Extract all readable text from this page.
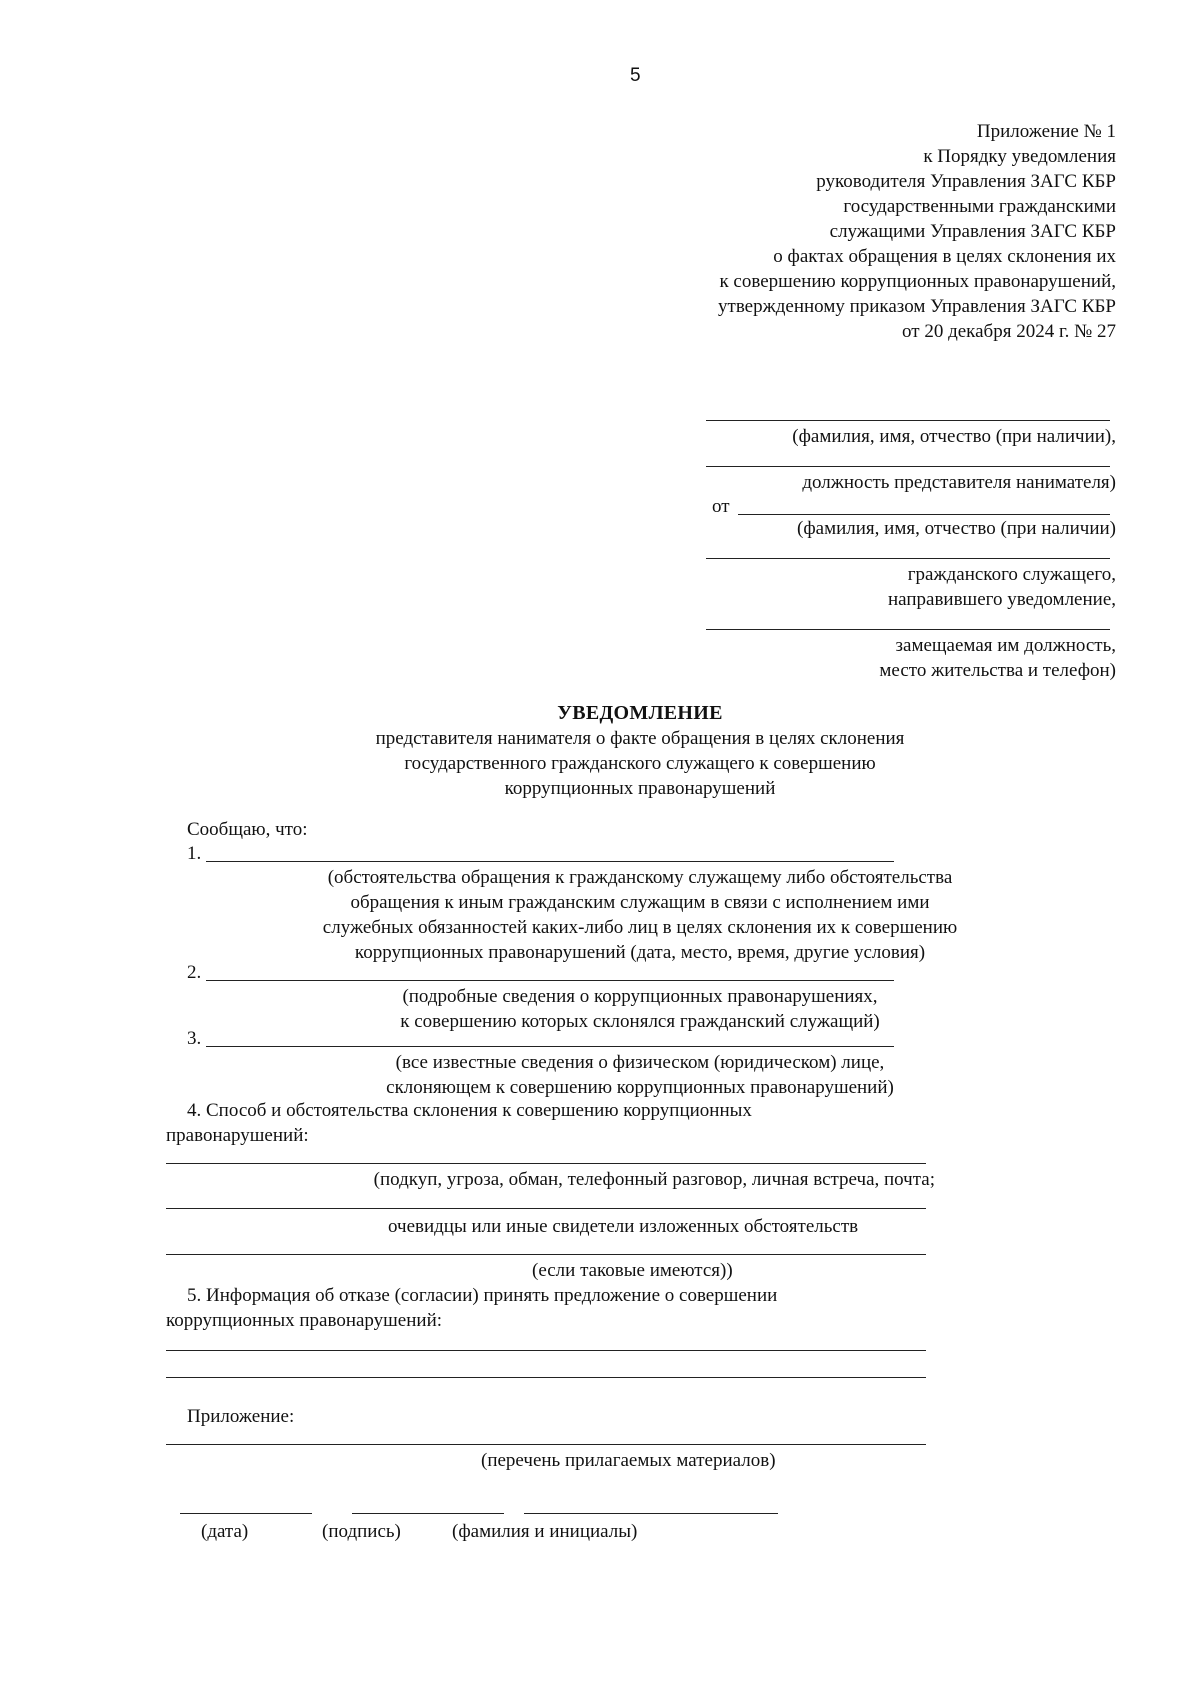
5
Приложение № 1
к Порядку уведомления
руководителя Управления ЗАГС КБР
государственными гражданскими
служащими Управления ЗАГС КБР
о фактах обращения в целях склонения их
к совершению коррупционных правонарушений,
утвержденному приказом Управления ЗАГС КБР
от 20 декабря 2024 г. № 27
(фамилия, имя, отчество (при наличии),
должность представителя нанимателя)
от
(фамилия, имя, отчество (при наличии)
гражданского служащего,
направившего уведомление,
замещаемая им должность,
место жительства и телефон)
УВЕДОМЛЕНИЕ
представителя нанимателя о факте обращения в целях склонения
государственного гражданского служащего к совершению
коррупционных правонарушений
Сообщаю, что:
1.
(обстоятельства обращения к гражданскому служащему либо обстоятельства
обращения к иным гражданским служащим в связи с исполнением ими
служебных обязанностей каких-либо лиц в целях склонения их к совершению
коррупционных правонарушений (дата, место, время, другие условия)
2.
(подробные сведения о коррупционных правонарушениях,
к совершению которых склонялся гражданский служащий)
3.
(все известные сведения о физическом (юридическом) лице,
склоняющем к совершению коррупционных правонарушений)
4. Способ и обстоятельства склонения к совершению коррупционных
правонарушений:
(подкуп, угроза, обман, телефонный разговор, личная встреча, почта;
очевидцы или иные свидетели изложенных обстоятельств
(если таковые имеются))
5. Информация об отказе (согласии) принять предложение о совершении
коррупционных правонарушений:
Приложение:
(перечень прилагаемых материалов)
(дата)	(подпись)	(фамилия и инициалы)
